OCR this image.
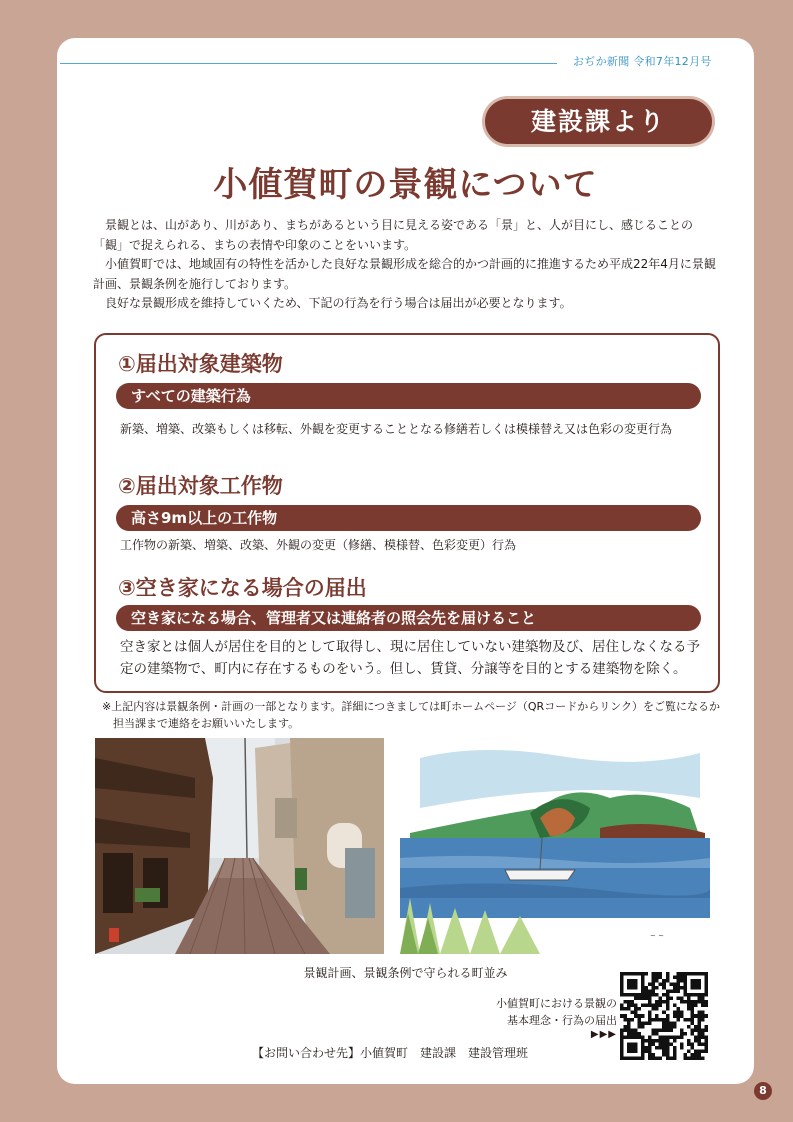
おぢか新聞 令和7年12月号
建設課より
小値賀町の景観について

景観とは、山があり、川があり、まちがあるという目に見える姿である「景」と、人が目にし、感じることの「観」で捉えられる、まちの表情や印象のことをいいます。

小値賀町では、地域固有の特性を活かした良好な景観形成を総合的かつ計画的に推進するため平成22年4月に景観計画、景観条例を施行しております。

良好な景観形成を維持していくため、下記の行為を行う場合は届出が必要となります。

①届出対象建築物
すべての建築行為
新築、増築、改築もしくは移転、外観を変更することとなる修繕若しくは模様替え又は色彩の変更行為
②届出対象工作物
高さ9m以上の工作物
工作物の新築、増築、改築、外観の変更（修繕、模様替、色彩変更）行為
③空き家になる場合の届出
空き家になる場合、管理者又は連絡者の照会先を届けること
空き家とは個人が居住を目的として取得し、現に居住していない建築物及び、居住しなくなる予定の建築物で、町内に存在するものをいう。但し、賃貸、分譲等を目的とする建築物を除く。
※上記内容は景観条例・計画の一部となります。詳細につきましては町ホームページ（QRコードからリンク）をご覧になるか担当課まで連絡をお願いいたします。
~ ~
景観計画、景観条例で守られる町並み
小値賀町における景観の
基本理念・行為の届出
▶▶▶
【お問い合わせ先】小値賀町　建設課　建設管理班
8
